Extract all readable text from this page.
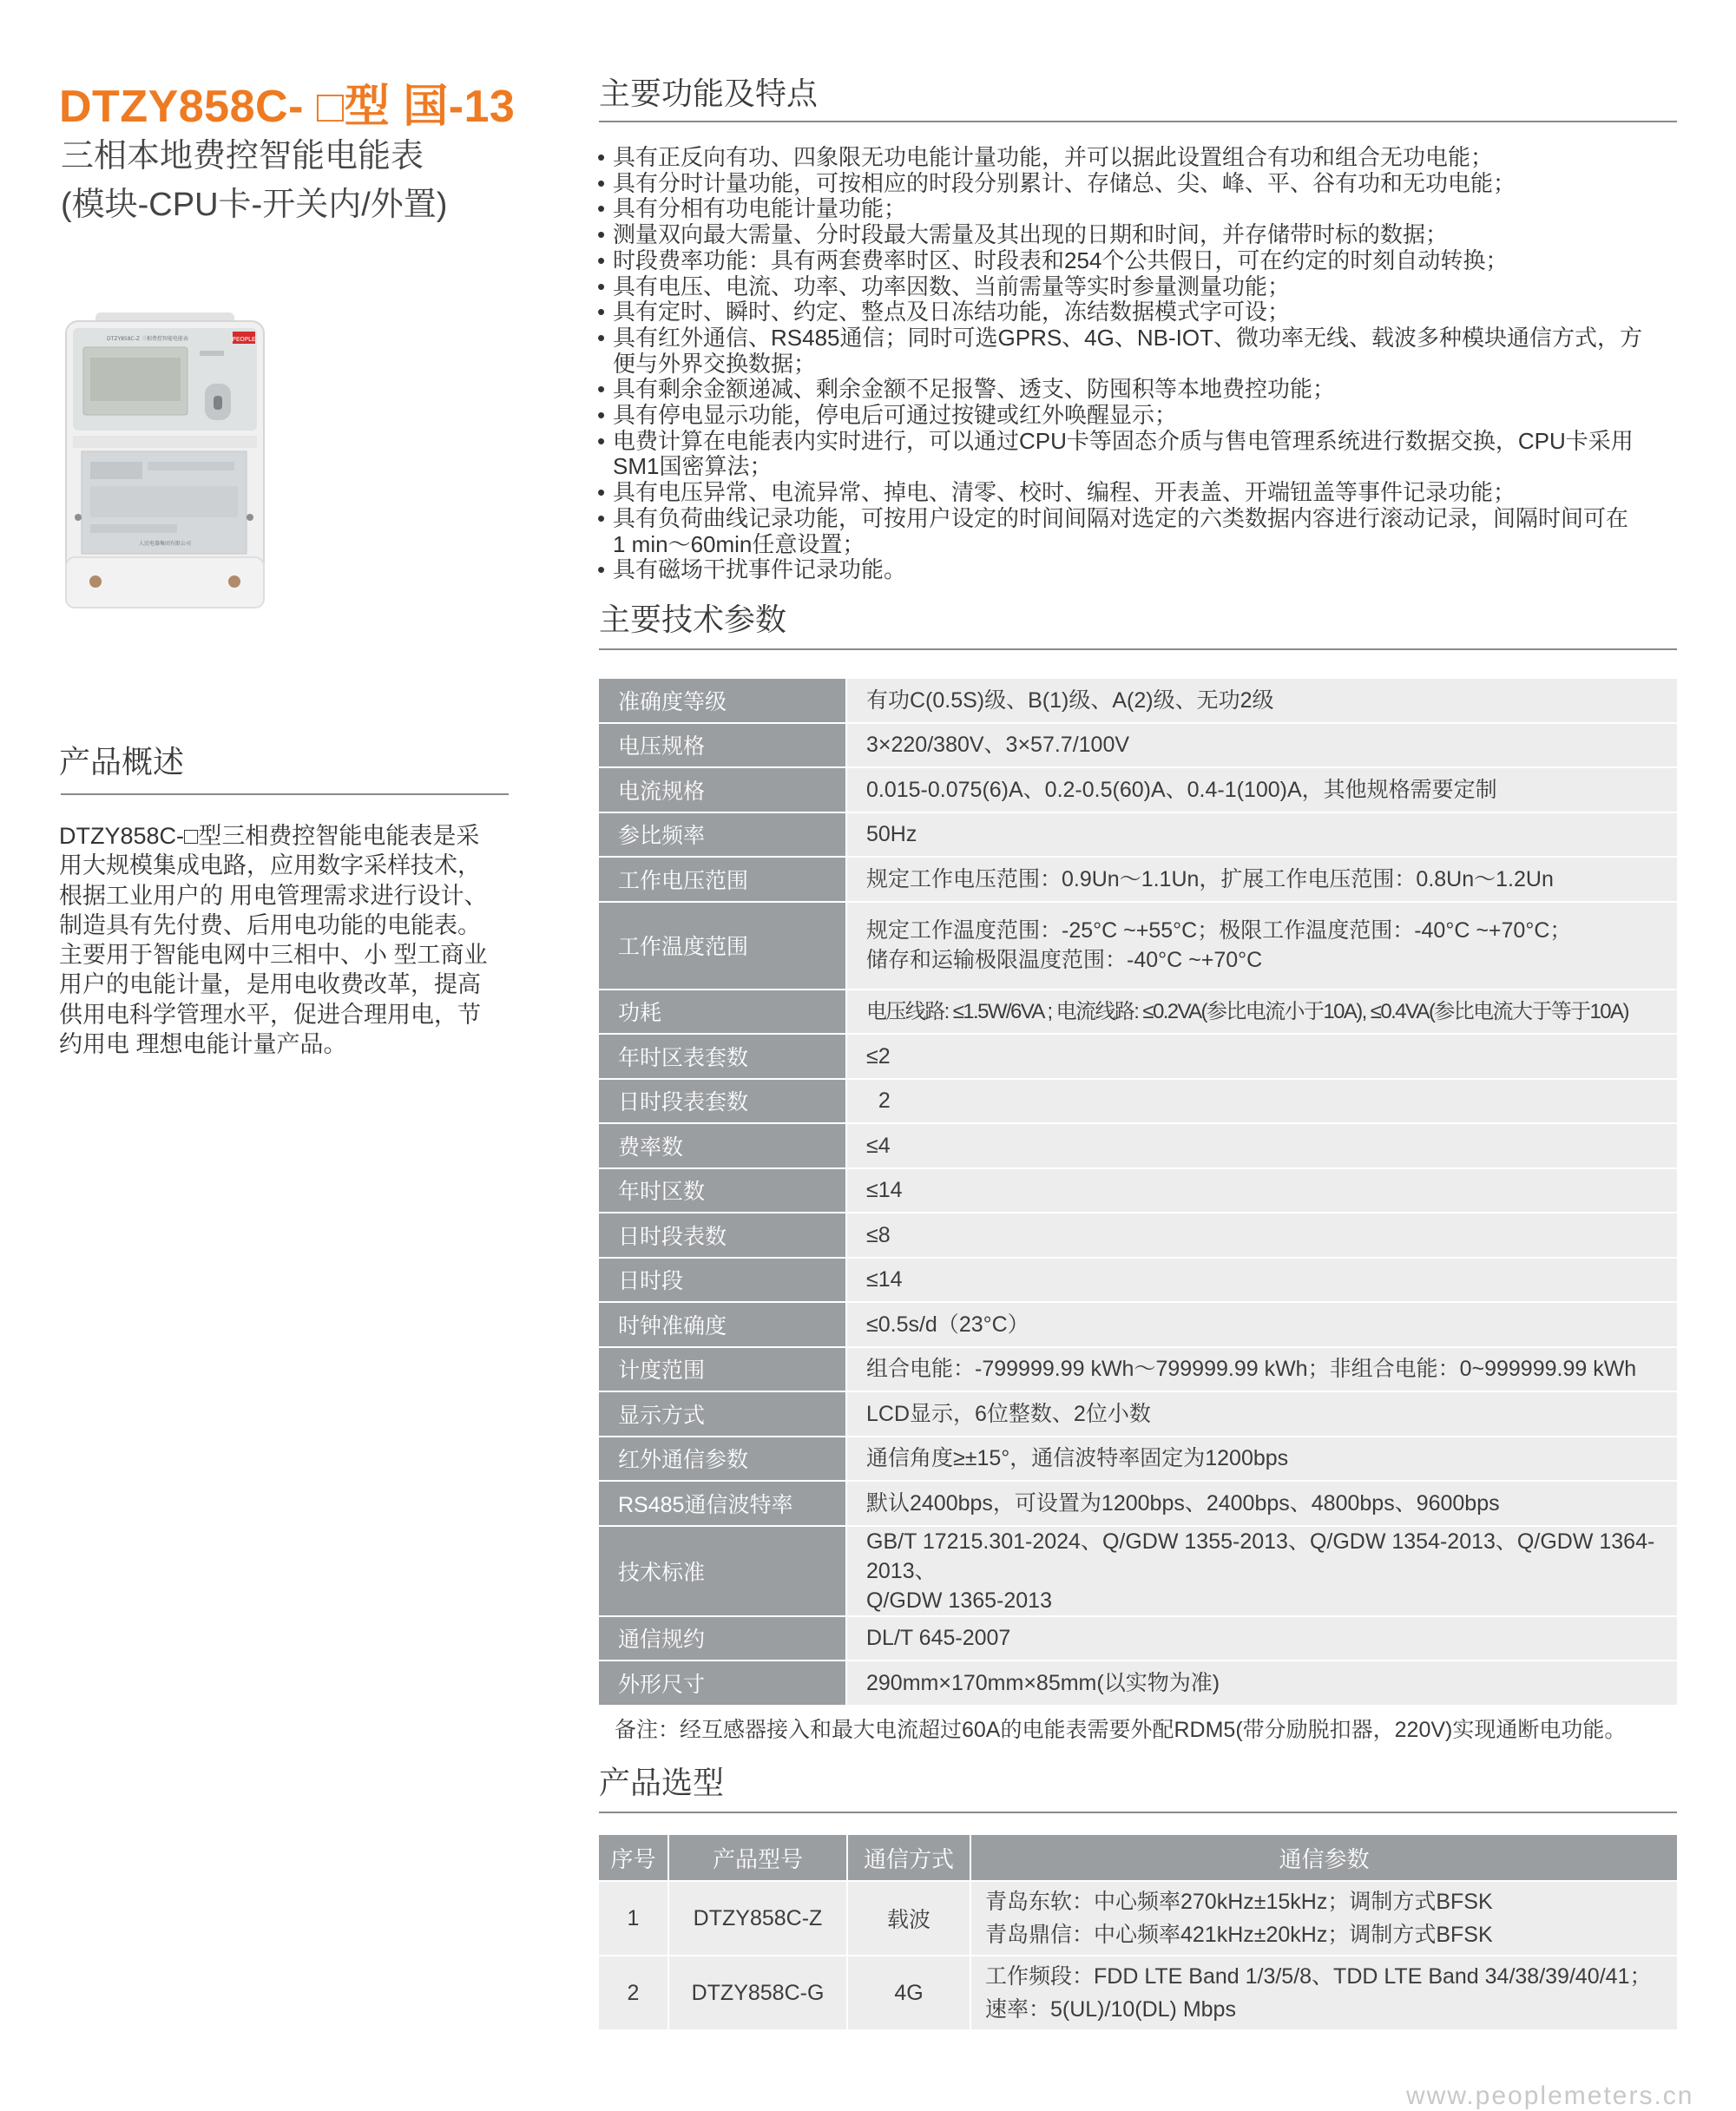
DTZY858C- □型 国-13
三相本地费控智能电能表
(模块-CPU卡-开关内/外置)
PEOPLE
DTZY858C-Z 三相费控智能电能表
人民电器集团有限公司
产品概述
DTZY858C-□型三相费控智能电能表是采
用大规模集成电路，应用数字采样技术，
根据工业用户的 用电管理需求进行设计、
制造具有先付费、后用电功能的电能表。
主要用于智能电网中三相中、小 型工商业
用户的电能计量，是用电收费改革，提高
供用电科学管理水平，促进合理用电，节
约用电 理想电能计量产品。
主要功能及特点
• 具有正反向有功、四象限无功电能计量功能，并可以据此设置组合有功和组合无功电能；
• 具有分时计量功能，可按相应的时段分别累计、存储总、尖、峰、平、谷有功和无功电能；
• 具有分相有功电能计量功能；
• 测量双向最大需量、分时段最大需量及其出现的日期和时间，并存储带时标的数据；
• 时段费率功能：具有两套费率时区、时段表和254个公共假日，可在约定的时刻自动转换；
• 具有电压、电流、功率、功率因数、当前需量等实时参量测量功能；
• 具有定时、瞬时、约定、整点及日冻结功能，冻结数据模式字可设；
• 具有红外通信、RS485通信；同时可选GPRS、4G、NB-IOT、微功率无线、载波多种模块通信方式，方
便与外界交换数据；
• 具有剩余金额递减、剩余金额不足报警、透支、防囤积等本地费控功能；
• 具有停电显示功能，停电后可通过按键或红外唤醒显示；
• 电费计算在电能表内实时进行，可以通过CPU卡等固态介质与售电管理系统进行数据交换，CPU卡采用
SM1国密算法；
• 具有电压异常、电流异常、掉电、清零、校时、编程、开表盖、开端钮盖等事件记录功能；
• 具有负荷曲线记录功能，可按用户设定的时间间隔对选定的六类数据内容进行滚动记录，间隔时间可在
1 min～60min任意设置；
• 具有磁场干扰事件记录功能。
主要技术参数
准确度等级	有功C(0.5S)级、B(1)级、A(2)级、无功2级
电压规格	3×220/380V、3×57.7/100V
电流规格	0.015-0.075(6)A、0.2-0.5(60)A、0.4-1(100)A，其他规格需要定制
参比频率	50Hz
工作电压范围	规定工作电压范围：0.9Un～1.1Un，扩展工作电压范围：0.8Un～1.2Un
工作温度范围	规定工作温度范围：-25°C ~+55°C；极限工作温度范围：-40°C ~+70°C；
储存和运输极限温度范围：-40°C ~+70°C

功耗	电压线路: ≤1.5W/6VA ; 电流线路: ≤0.2VA(参比电流小于10A), ≤0.4VA(参比电流大于等于10A)
年时区表套数	≤2
日时段表套数	2
费率数	≤4
年时区数	≤14
日时段表数	≤8
日时段	≤14
时钟准确度	≤0.5s/d（23°C）
计度范围	组合电能：-799999.99 kWh～799999.99 kWh；非组合电能：0~999999.99 kWh
显示方式	LCD显示，6位整数、2位小数
红外通信参数	通信角度≥±15°，通信波特率固定为1200bps
RS485通信波特率	默认2400bps，可设置为1200bps、2400bps、4800bps、9600bps
技术标准	GB/T 17215.301-2024、Q/GDW 1355-2013、Q/GDW 1354-2013、Q/GDW 1364-2013、
Q/GDW 1365-2013

通信规约	DL/T 645-2007
外形尺寸	290mm×170mm×85mm(以实物为准)
备注：经互感器接入和最大电流超过60A的电能表需要外配RDM5(带分励脱扣器，220V)实现通断电功能。
产品选型
序号	产品型号	通信方式	通信参数
1	DTZY858C-Z	载波	青岛东软：中心频率270kHz±15kHz；调制方式BFSK
青岛鼎信：中心频率421kHz±20kHz；调制方式BFSK

2	DTZY858C-G	4G	工作频段：FDD LTE Band 1/3/5/8、TDD LTE Band 34/38/39/40/41；
速率：5(UL)/10(DL) Mbps
www.peoplemeters.cn
